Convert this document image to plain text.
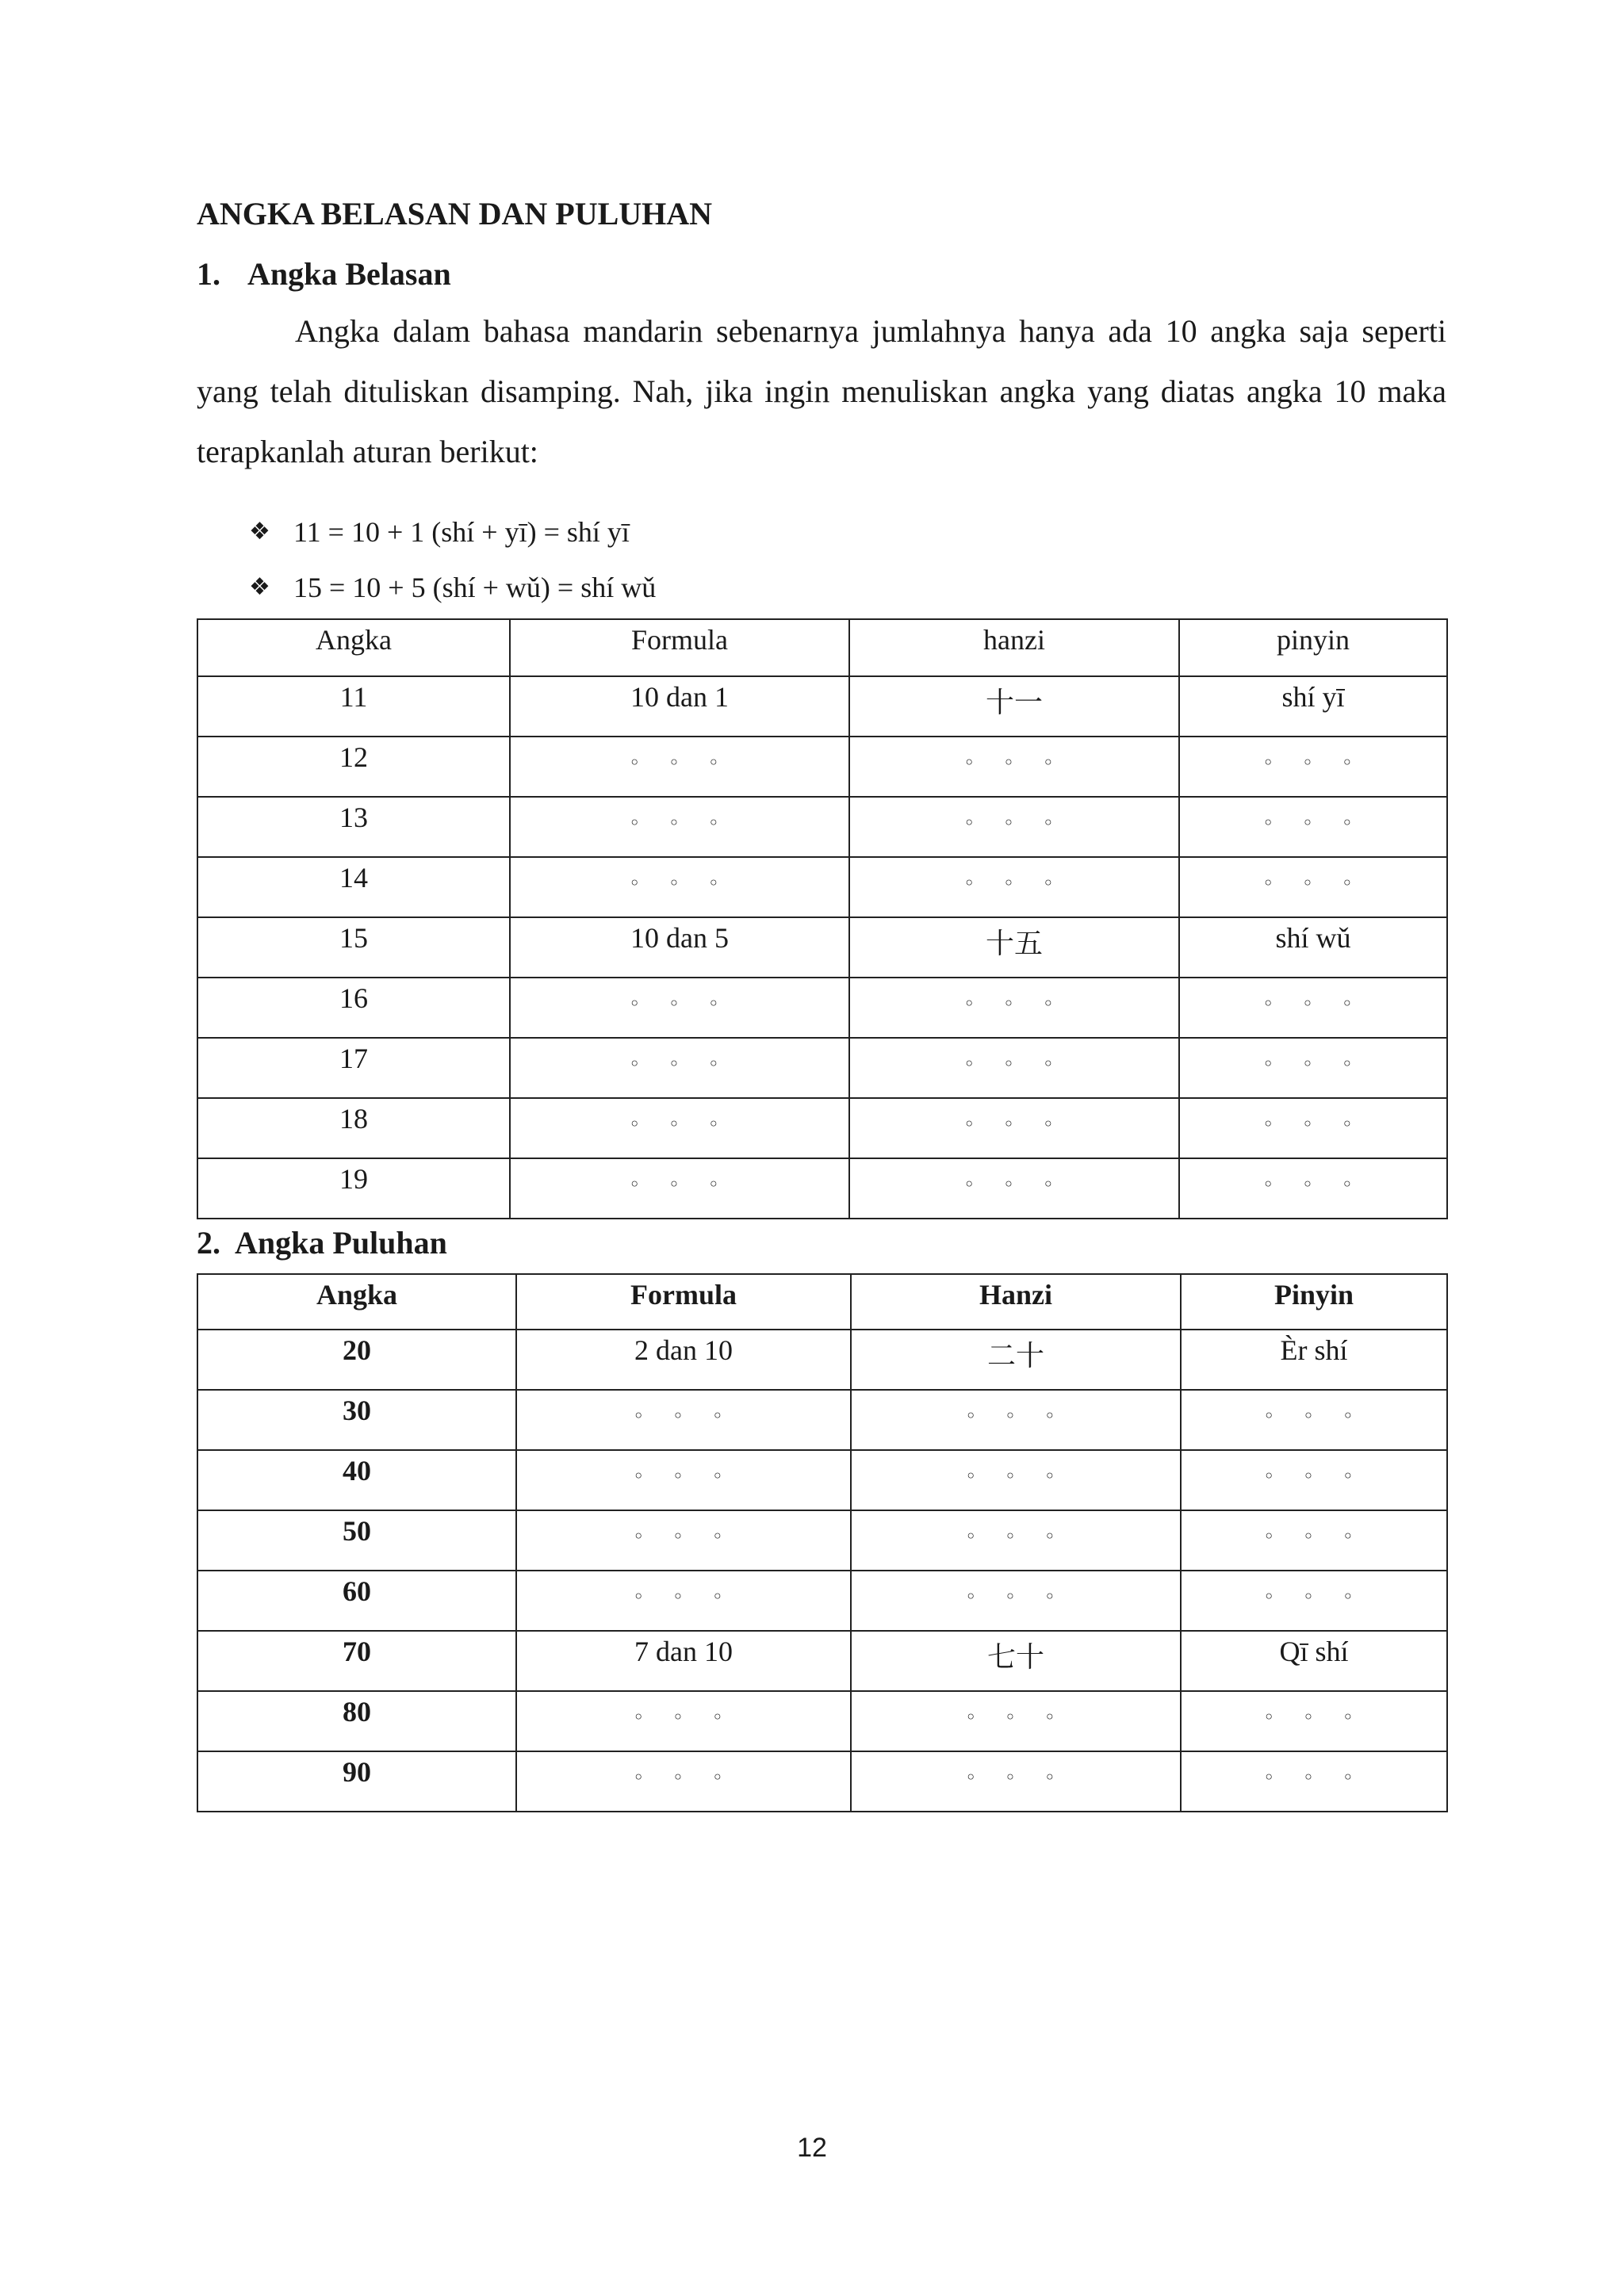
ANGKA BELASAN DAN PULUHAN
1. Angka Belasan

Angka dalam bahasa mandarin sebenarnya jumlahnya hanya ada 10 angka saja seperti yang telah dituliskan disamping. Nah, jika ingin menuliskan angka yang diatas angka 10 maka terapkanlah aturan berikut:

❖ 11 = 10 + 1 (shí + yī) = shí yī
❖ 15 = 10 + 5 (shí + wǔ) = shí wǔ
Angka	Formula	hanzi	pinyin
11	10 dan 1	十一	shí yī
12	◦ ◦ ◦	◦ ◦ ◦	◦ ◦ ◦
13	◦ ◦ ◦	◦ ◦ ◦	◦ ◦ ◦
14	◦ ◦ ◦	◦ ◦ ◦	◦ ◦ ◦
15	10 dan 5	十五	shí wǔ
16	◦ ◦ ◦	◦ ◦ ◦	◦ ◦ ◦
17	◦ ◦ ◦	◦ ◦ ◦	◦ ◦ ◦
18	◦ ◦ ◦	◦ ◦ ◦	◦ ◦ ◦
19	◦ ◦ ◦	◦ ◦ ◦	◦ ◦ ◦
2. Angka Puluhan
Angka	Formula	Hanzi	Pinyin
20	2 dan 10	二十	Èr shí
30	◦ ◦ ◦	◦ ◦ ◦	◦ ◦ ◦
40	◦ ◦ ◦	◦ ◦ ◦	◦ ◦ ◦
50	◦ ◦ ◦	◦ ◦ ◦	◦ ◦ ◦
60	◦ ◦ ◦	◦ ◦ ◦	◦ ◦ ◦
70	7 dan 10	七十	Qī shí
80	◦ ◦ ◦	◦ ◦ ◦	◦ ◦ ◦
90	◦ ◦ ◦	◦ ◦ ◦	◦ ◦ ◦
12
